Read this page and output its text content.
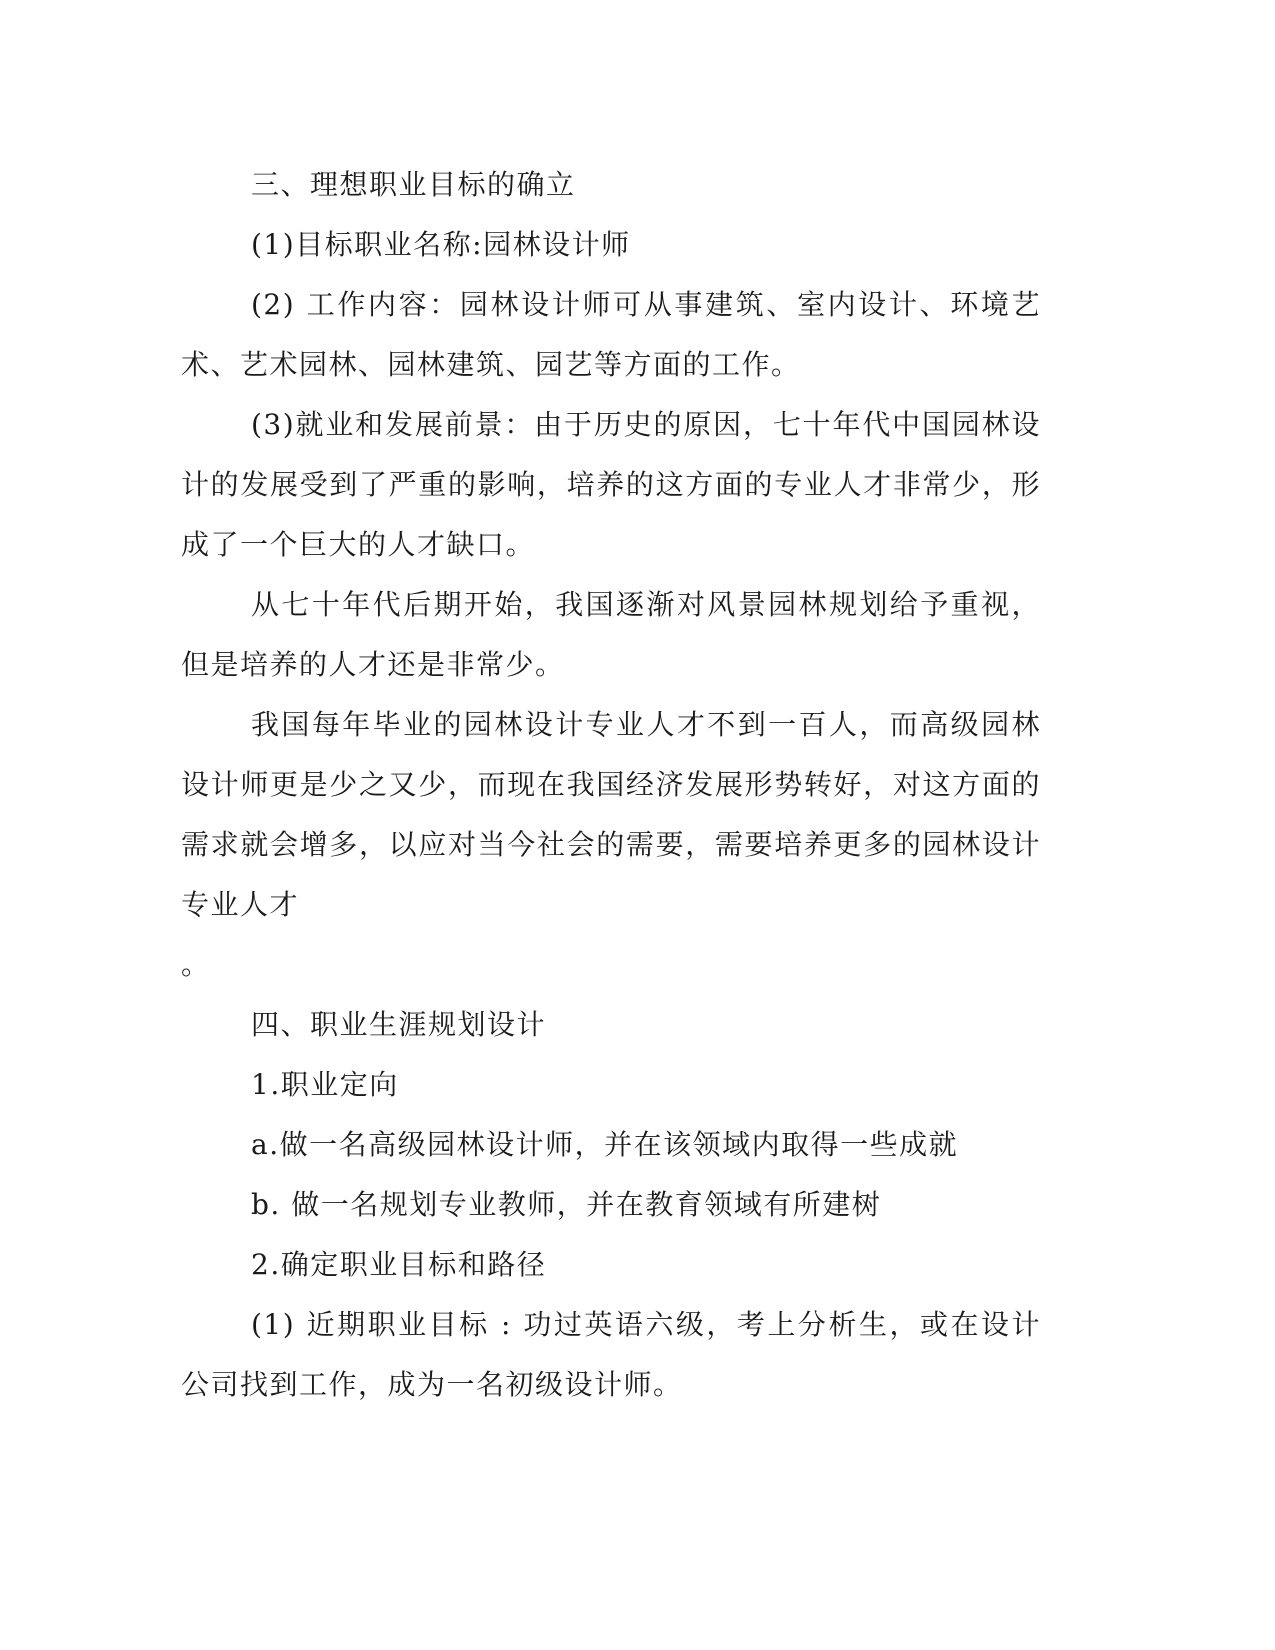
三、理想职业目标的确立

(1)目标职业名称:园林设计师

(2) 工作内容：园林设计师可从事建筑、室内设计、环境艺术、艺术园林、园林建筑、园艺等方面的工作。

(3)就业和发展前景：由于历史的原因，七十年代中国园林设计的发展受到了严重的影响，培养的这方面的专业人才非常少，形成了一个巨大的人才缺口。

从七十年代后期开始，我国逐渐对风景园林规划给予重视，但是培养的人才还是非常少。

我国每年毕业的园林设计专业人才不到一百人，而高级园林设计师更是少之又少，而现在我国经济发展形势转好，对这方面的需求就会增多，以应对当今社会的需要，需要培养更多的园林设计专业人才

。

四、职业生涯规划设计

1.职业定向

a.做一名高级园林设计师，并在该领域内取得一些成就

b. 做一名规划专业教师，并在教育领域有所建树

2.确定职业目标和路径

(1) 近期职业目标 : 功过英语六级，考上分析生，或在设计公司找到工作，成为一名初级设计师。
